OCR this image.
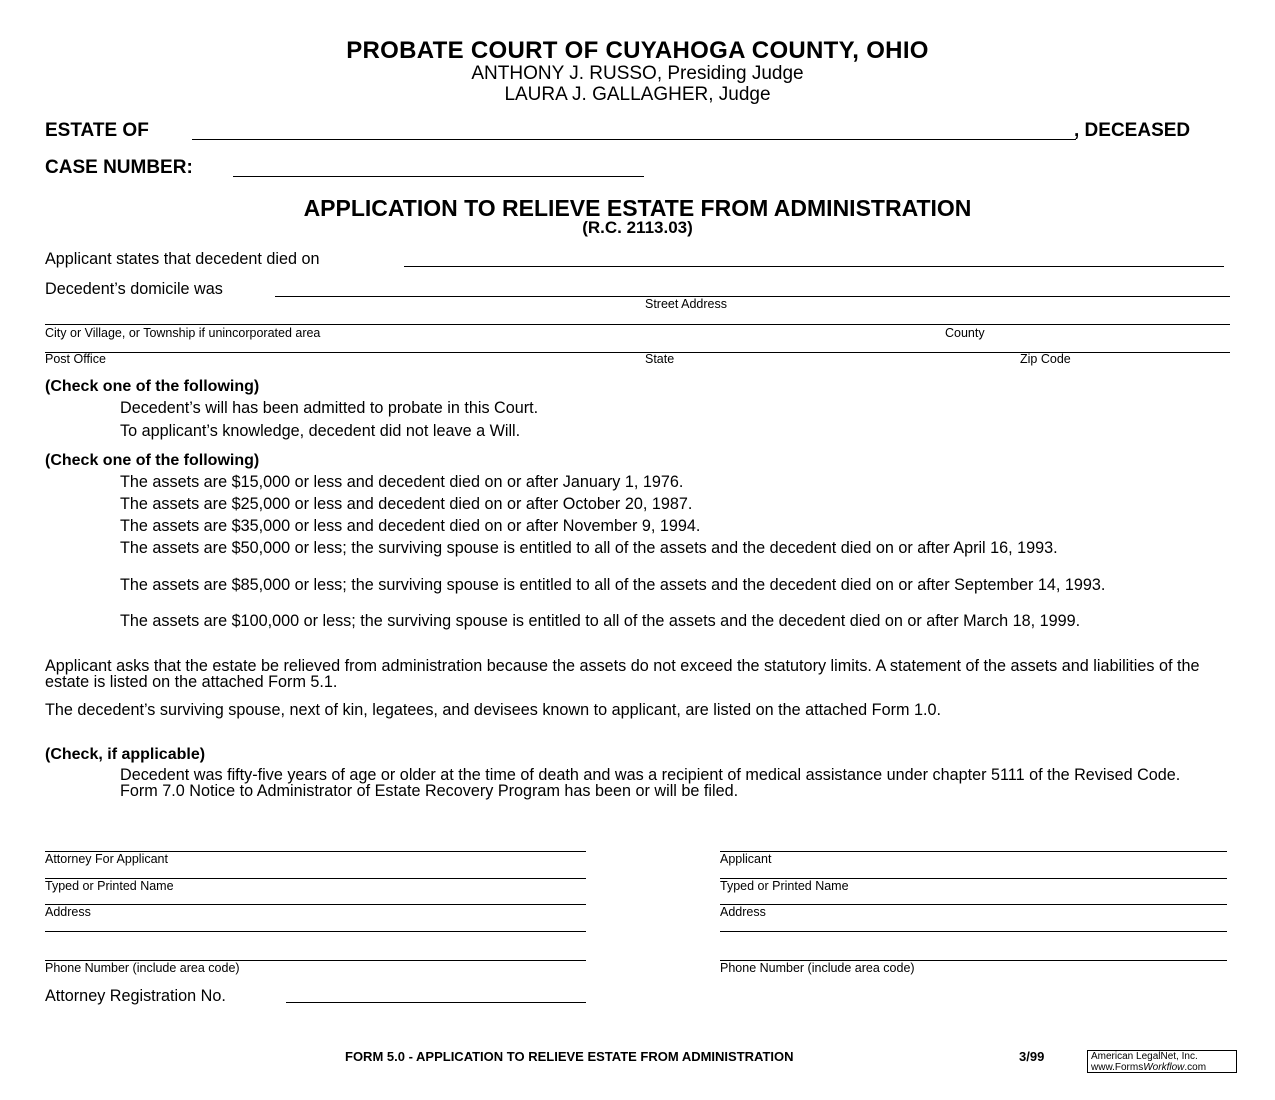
PROBATE COURT OF CUYAHOGA COUNTY, OHIO
ANTHONY J. RUSSO, Presiding Judge
LAURA J. GALLAGHER, Judge
ESTATE OF	, DECEASED
CASE NUMBER:
APPLICATION TO RELIEVE ESTATE FROM ADMINISTRATION
(R.C. 2113.03)
Applicant states that decedent died on
Decedent’s domicile was
Street Address
City or Village, or Township if unincorporated area	County
Post Office	State	Zip Code
(Check one of the following)
Decedent’s will has been admitted to probate in this Court.
To applicant’s knowledge, decedent did not leave a Will.
(Check one of the following)
The assets are $15,000 or less and decedent died on or after January 1, 1976.
The assets are $25,000 or less and decedent died on or after October 20, 1987.
The assets are $35,000 or less and decedent died on or after November 9, 1994.
The assets are $50,000 or less; the surviving spouse is entitled to all of the assets and the decedent died on or after April 16, 1993.
The assets are $85,000 or less; the surviving spouse is entitled to all of the assets and the decedent died on or after September 14, 1993.
The assets are $100,000 or less; the surviving spouse is entitled to all of the assets and the decedent died on or after March 18, 1999.
Applicant asks that the estate be relieved from administration because the assets do not exceed the statutory limits. A statement of the assets and liabilities of the estate is listed on the attached Form 5.1.
The decedent’s surviving spouse, next of kin, legatees, and devisees known to applicant, are listed on the attached Form 1.0.
(Check, if applicable)
Decedent was fifty-five years of age or older at the time of death and was a recipient of medical assistance under chapter 5111 of the Revised Code. Form 7.0 Notice to Administrator of Estate Recovery Program has been or will be filed.
Attorney For Applicant
Typed or Printed Name
Address
Phone Number (include area code)
Attorney Registration No.
Applicant
Typed or Printed Name
Address
Phone Number (include area code)
FORM 5.0 - APPLICATION TO RELIEVE ESTATE FROM ADMINISTRATION	3/99	American LegalNet, Inc.
www.FormsWorkflow.com
